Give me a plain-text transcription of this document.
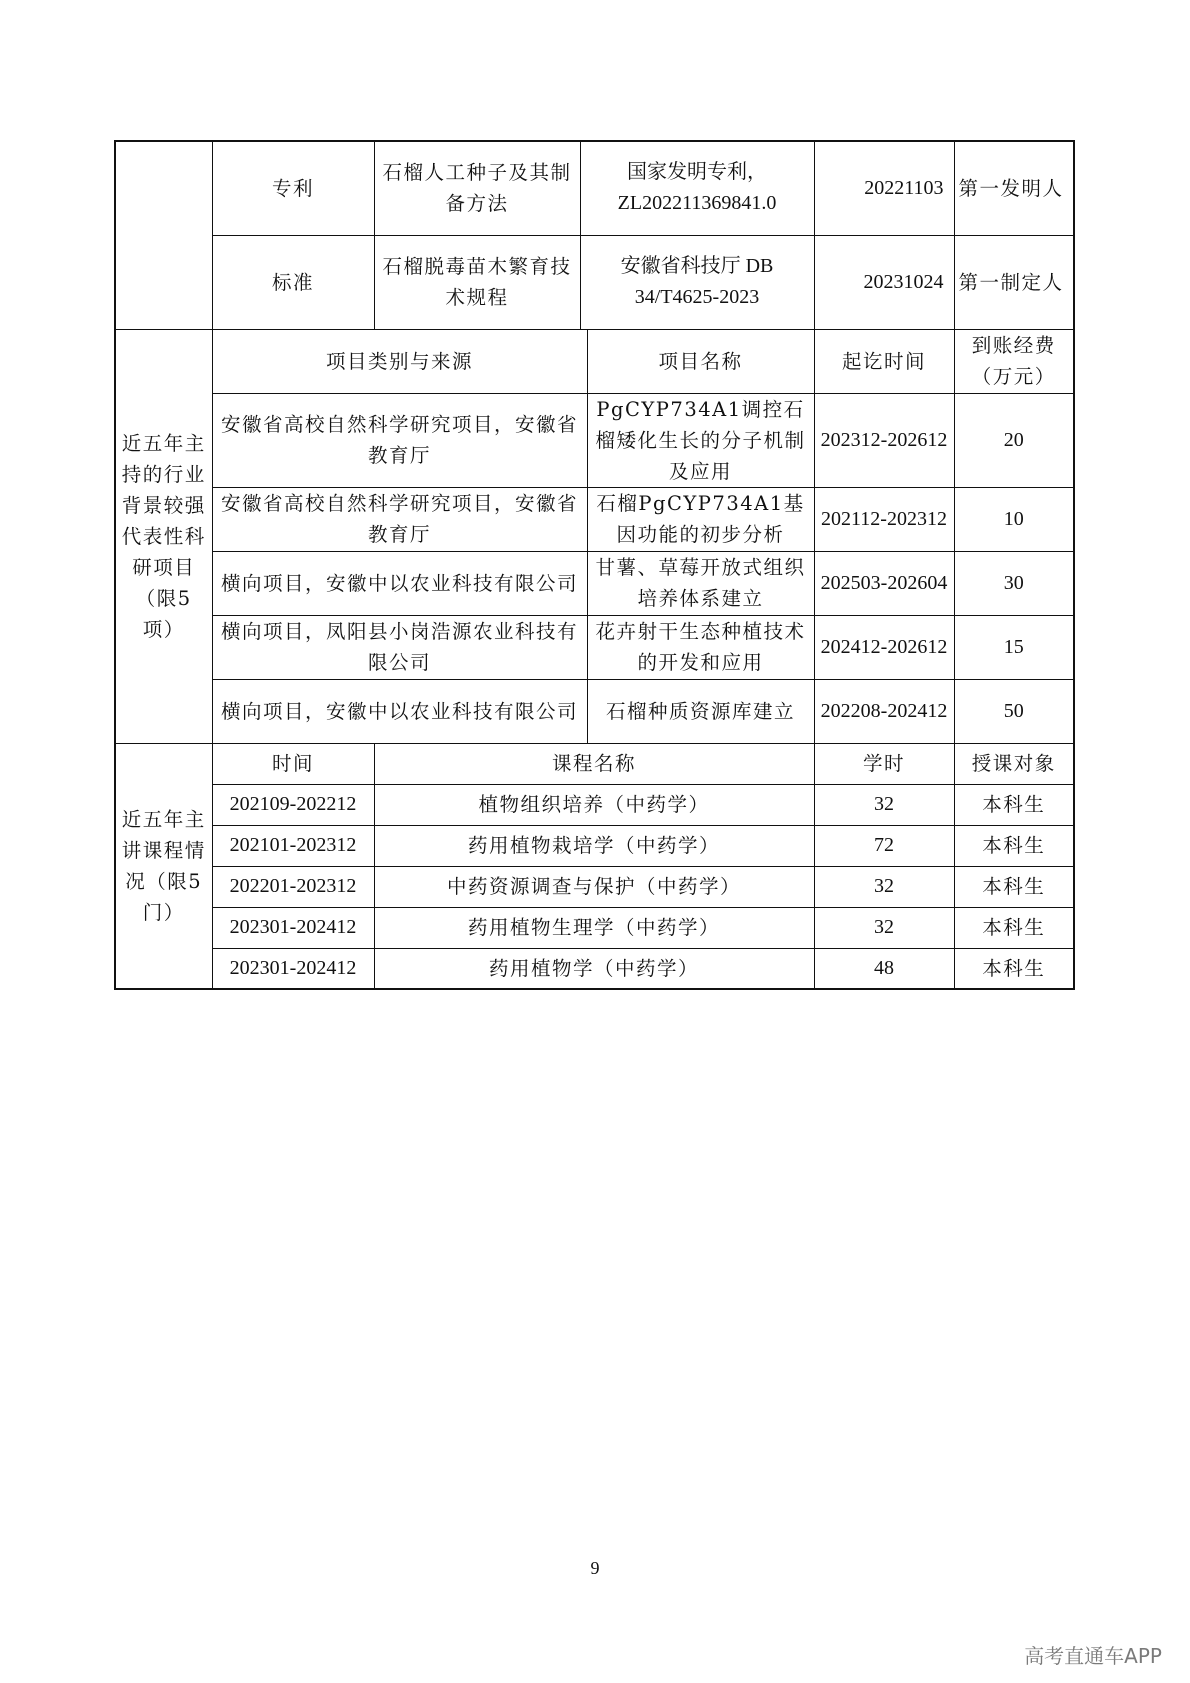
	专利	石榴人工种子及其制备方法	国家发明专利，ZL202211369841.0		20221103	第一发明人
	标准	石榴脱毒苗木繁育技术规程	安徽省科技厅 DB 34/T4625-2023		20231024	第一制定人
近五年主持的行业背景较强代表性科研项目（限5项）	项目类别与来源			项目名称	起讫时间	到账经费（万元）
	安徽省高校自然科学研究项目，安徽省教育厅			PgCYP734A1调控石榴矮化生长的分子机制及应用	202312-202612	20
	安徽省高校自然科学研究项目，安徽省教育厅			石榴PgCYP734A1基因功能的初步分析	202112-202312	10
	横向项目，安徽中以农业科技有限公司			甘薯、草莓开放式组织培养体系建立	202503-202604	30
	横向项目，凤阳县小岗浩源农业科技有限公司			花卉射干生态种植技术的开发和应用	202412-202612	15
	横向项目，安徽中以农业科技有限公司			石榴种质资源库建立	202208-202412	50
近五年主讲课程情况（限5门）	时间	课程名称			学时	授课对象
	202109-202212	植物组织培养（中药学）			32	本科生
	202101-202312	药用植物栽培学（中药学）			72	本科生
	202201-202312	中药资源调查与保护（中药学）			32	本科生
	202301-202412	药用植物生理学（中药学）			32	本科生
	202301-202412	药用植物学（中药学）			48	本科生
9
高考直通车APP
